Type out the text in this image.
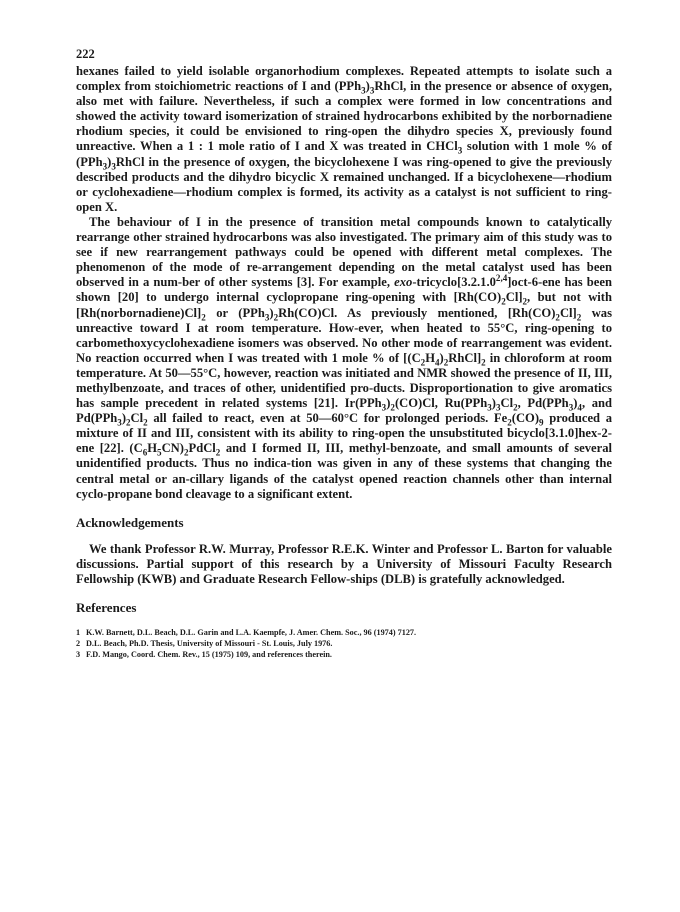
222

hexanes failed to yield isolable organorhodium complexes. Repeated attempts to isolate such a complex from stoichiometric reactions of I and $(PPh_3)_3RhCl$, in the presence or absence of oxygen, also met with failure. Nevertheless, if such a complex were formed in low concentrations and showed the activity toward isomerization of strained hydrocarbons exhibited by the norbornadiene rhodium species, it could be envisioned to ring-open the dihydro species X, previously found unreactive. When a 1 : 1 mole ratio of I and X was treated in CHCl$_3$ solution with 1 mole % of $(PPh_3)_3RhCl$ in the presence of oxygen, the bicyclohexene I was ring-opened to give the previously described products and the dihydro bicyclic X remained unchanged. If a bicyclohexene—rhodium or cyclohexadiene—rhodium complex is formed, its activity as a catalyst is not sufficient to ring-open X.

The behaviour of I in the presence of transition metal compounds known to catalytically rearrange other strained hydrocarbons was also investigated. The primary aim of this study was to see if new rearrangement pathways could be opened with different metal complexes. The phenomenon of the mode of re-arrangement depending on the metal catalyst used has been observed in a num-ber of other systems [3]. For example, exo-tricyclo[3.2.1.0$^{2,4}$]oct-6-ene has been shown [20] to undergo internal cyclopropane ring-opening with $[Rh(CO)_2Cl]_2$, but not with $[Rh(norbornadiene)Cl]_2$ or $(PPh_3)_2Rh(CO)Cl$. As previously mentioned, $[Rh(CO)_2Cl]_2$ was unreactive toward I at room temperature. How-ever, when heated to 55°C, ring-opening to carbomethoxycyclohexadiene isomers was observed. No other mode of rearrangement was evident. No reaction occurred when I was treated with 1 mole % of $[(C_2H_4)_2RhCl]_2$ in chloroform at room temperature. At 50—55°C, however, reaction was initiated and NMR showed the presence of II, III, methylbenzoate, and traces of other, unidentified pro-ducts. Disproportionation to give aromatics has sample precedent in related systems [21]. $Ir(PPh_3)_2(CO)Cl$, $Ru(PPh_3)_3Cl_2$, $Pd(PPh_3)_4$, and $Pd(PPh_3)_2Cl_2$ all failed to react, even at 50—60°C for prolonged periods. $Fe_2(CO)_9$ produced a mixture of II and III, consistent with its ability to ring-open the unsubstituted bicyclo[3.1.0]hex-2-ene [22]. $(C_6H_5CN)_2PdCl_2$ and I formed II, III, methyl-benzoate, and small amounts of several unidentified products. Thus no indica-tion was given in any of these systems that changing the central metal or an-cillary ligands of the catalyst opened reaction channels other than internal cyclo-propane bond cleavage to a significant extent.

Acknowledgements

We thank Professor R.W. Murray, Professor R.E.K. Winter and Professor L. Barton for valuable discussions. Partial support of this research by a University of Missouri Faculty Research Fellowship (KWB) and Graduate Research Fellow-ships (DLB) is gratefully acknowledged.

References
1 K.W. Barnett, D.L. Beach, D.L. Garin and L.A. Kaempfe, J. Amer. Chem. Soc., 96 (1974) 7127.
2 D.L. Beach, Ph.D. Thesis, University of Missouri - St. Louis, July 1976.
3 F.D. Mango, Coord. Chem. Rev., 15 (1975) 109, and references therein.
